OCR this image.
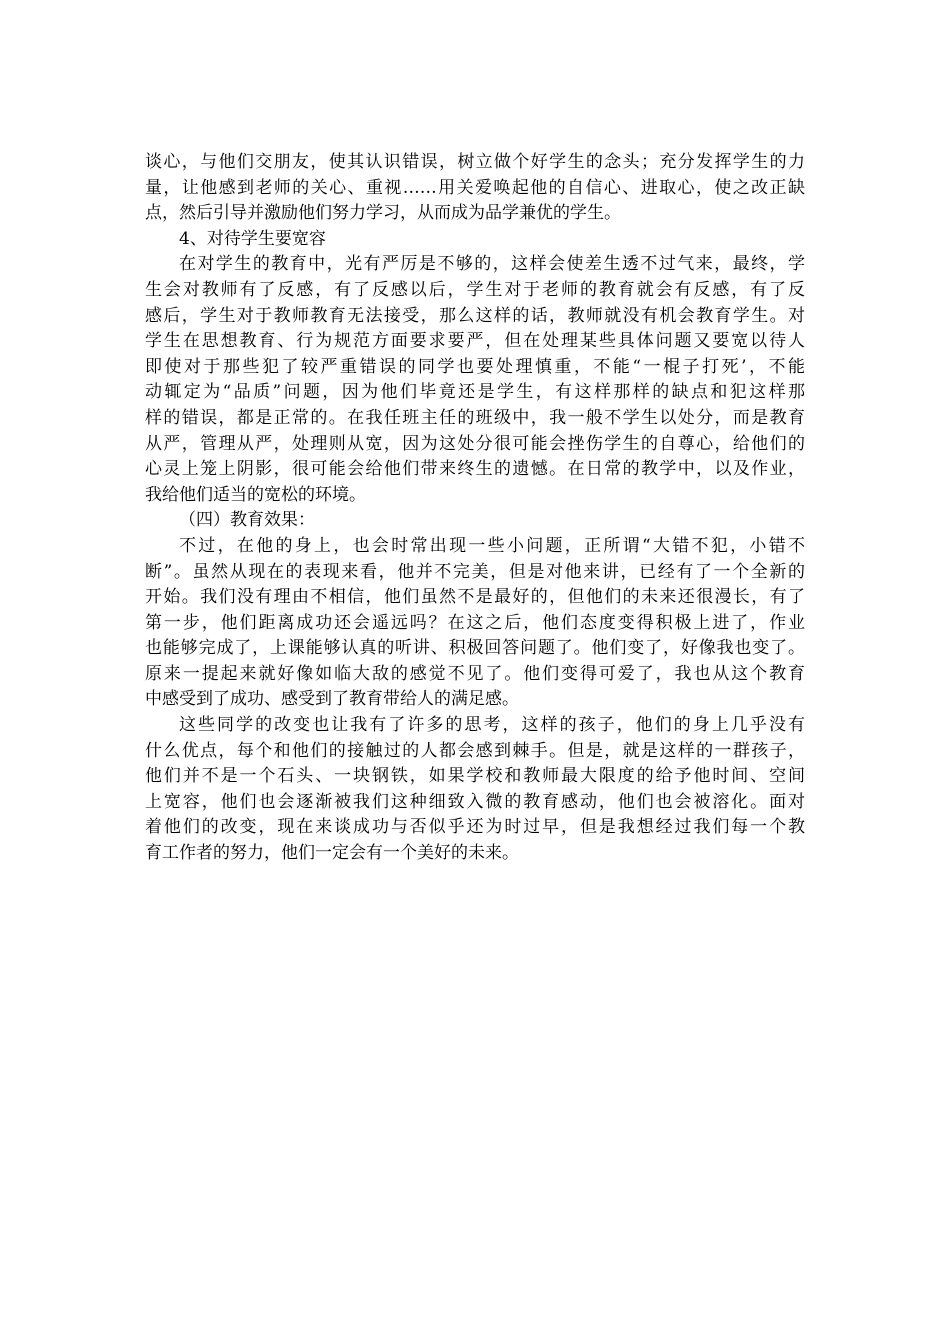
谈心，与他们交朋友，使其认识错误，树立做个好学生的念头；充分发挥学生的力
量，让他感到老师的关心、重视……用关爱唤起他的自信心、进取心，使之改正缺
点，然后引导并激励他们努力学习，从而成为品学兼优的学生。
4、对待学生要宽容
在对学生的教育中，光有严厉是不够的，这样会使差生透不过气来，最终，学
生会对教师有了反感，有了反感以后，学生对于老师的教育就会有反感，有了反
感后，学生对于教师教育无法接受，那么这样的话，教师就没有机会教育学生。对
学生在思想教育、行为规范方面要求要严，但在处理某些具体问题又要宽以待人
即使对于那些犯了较严重错误的同学也要处理慎重，不能“一棍子打死’，不能
动辄定为“品质”问题，因为他们毕竟还是学生，有这样那样的缺点和犯这样那
样的错误，都是正常的。在我任班主任的班级中，我一般不学生以处分，而是教育
从严，管理从严，处理则从宽，因为这处分很可能会挫伤学生的自尊心，给他们的
心灵上笼上阴影，很可能会给他们带来终生的遗憾。在日常的教学中，以及作业，
我给他们适当的宽松的环境。
（四）教育效果：
不过，在他的身上，也会时常出现一些小问题，正所谓“大错不犯，小错不
断”。虽然从现在的表现来看，他并不完美，但是对他来讲，已经有了一个全新的
开始。我们没有理由不相信，他们虽然不是最好的，但他们的未来还很漫长，有了
第一步，他们距离成功还会遥远吗？在这之后，他们态度变得积极上进了，作业
也能够完成了，上课能够认真的听讲、积极回答问题了。他们变了，好像我也变了。
原来一提起来就好像如临大敌的感觉不见了。他们变得可爱了，我也从这个教育
中感受到了成功、感受到了教育带给人的满足感。
这些同学的改变也让我有了许多的思考，这样的孩子，他们的身上几乎没有
什么优点，每个和他们的接触过的人都会感到棘手。但是，就是这样的一群孩子，
他们并不是一个石头、一块钢铁，如果学校和教师最大限度的给予他时间、空间
上宽容，他们也会逐渐被我们这种细致入微的教育感动，他们也会被溶化。面对
着他们的改变，现在来谈成功与否似乎还为时过早，但是我想经过我们每一个教
育工作者的努力，他们一定会有一个美好的未来。
